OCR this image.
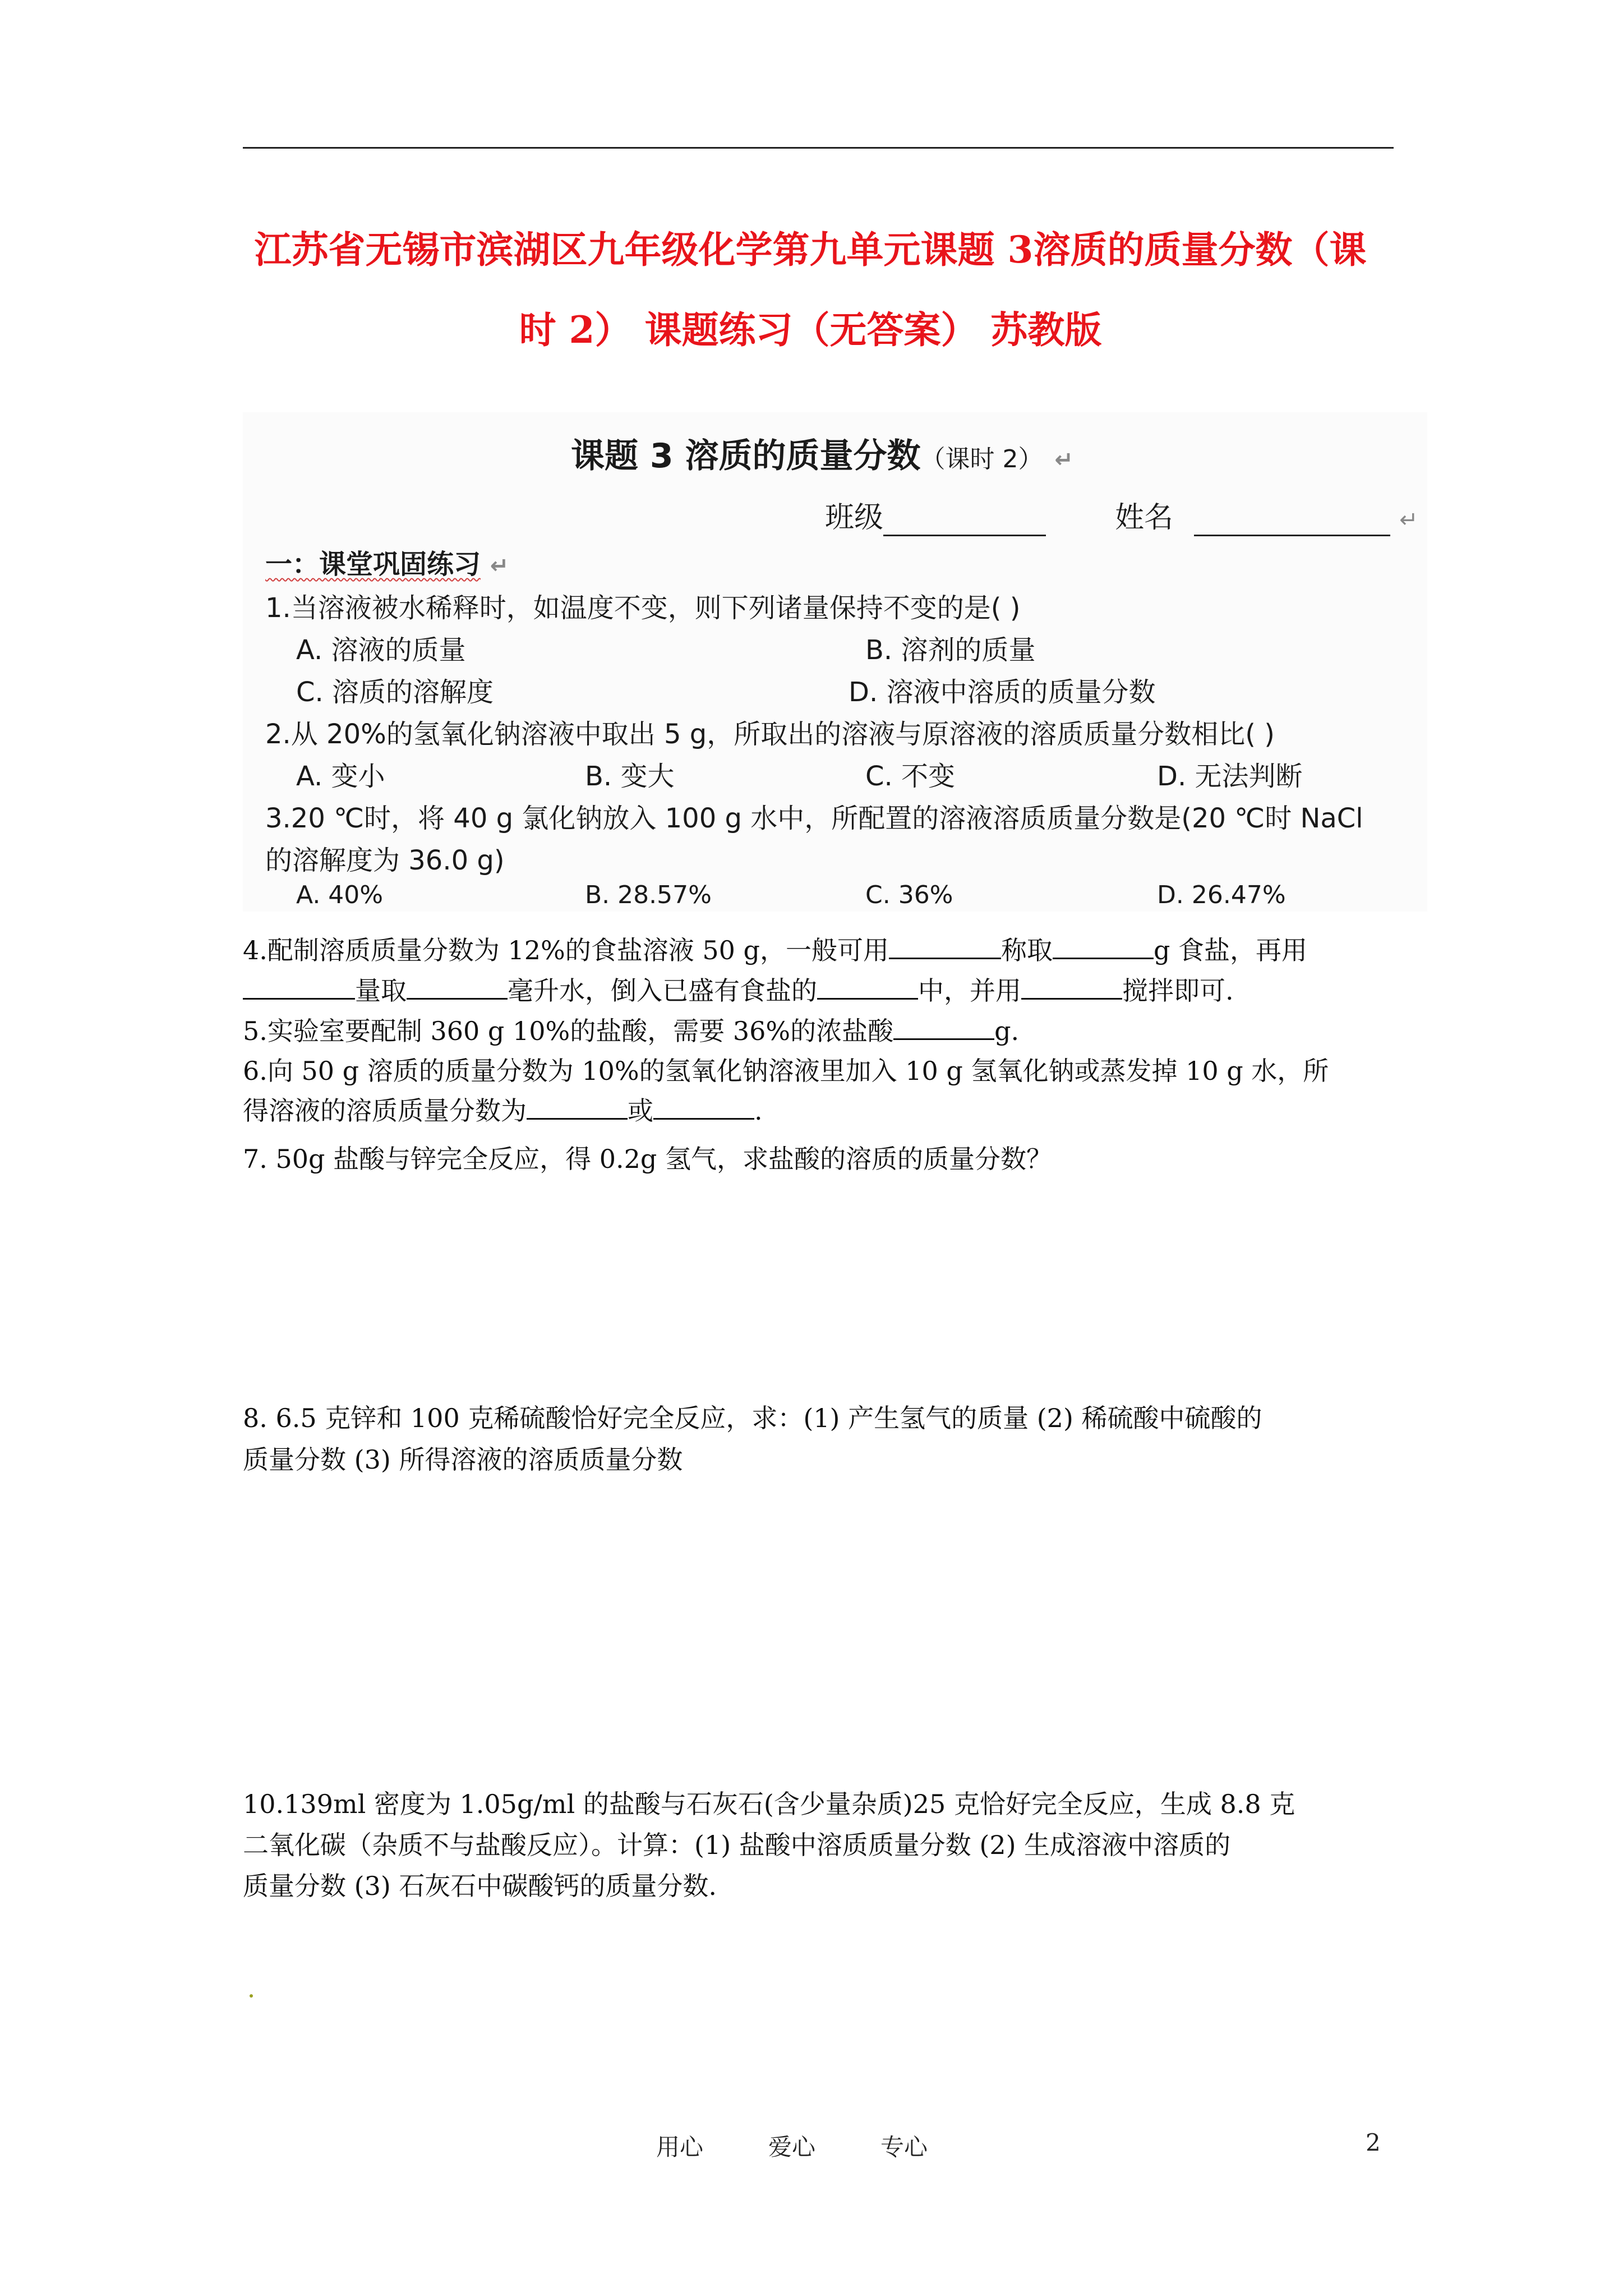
江苏省无锡市滨湖区九年级化学第九单元课题 3溶质的质量分数（课
时 2） 课题练习（无答案） 苏教版
课题 3 溶质的质量分数（课时 2） ↵
班级	姓名	↵
一：课堂巩固练习 ↵
1.当溶液被水稀释时，如温度不变，则下列诸量保持不变的是( )
A. 溶液的质量	B. 溶剂的质量
C. 溶质的溶解度	D. 溶液中溶质的质量分数
2.从 20%的氢氧化钠溶液中取出 5 g，所取出的溶液与原溶液的溶质质量分数相比( )
A. 变小	B. 变大	C. 不变	D. 无法判断
3.20 ℃时，将 40 g 氯化钠放入 100 g 水中，所配置的溶液溶质质量分数是(20 ℃时 NaCl
的溶解度为 36.0 g)
A. 40%	B. 28.57%	C. 36%	D. 26.47%
4.配制溶质质量分数为 12%的食盐溶液 50 g，一般可用	称取	g 食盐，再用
量取	毫升水，倒入已盛有食盐的	中，并用	搅拌即可.
5.实验室要配制 360 g 10%的盐酸，需要 36%的浓盐酸	g.
6.向 50 g 溶质的质量分数为 10%的氢氧化钠溶液里加入 10 g 氢氧化钠或蒸发掉 10 g 水，所
得溶液的溶质质量分数为	或	.
7. 50g 盐酸与锌完全反应，得 0.2g 氢气，求盐酸的溶质的质量分数？
8. 6.5 克锌和 100 克稀硫酸恰好完全反应，求：(1) 产生氢气的质量 (2) 稀硫酸中硫酸的
质量分数 (3) 所得溶液的溶质质量分数
10.139ml 密度为 1.05g/ml 的盐酸与石灰石(含少量杂质)25 克恰好完全反应，生成 8.8 克
二氧化碳（杂质不与盐酸反应）。计算：(1) 盐酸中溶质质量分数 (2) 生成溶液中溶质的
质量分数 (3) 石灰石中碳酸钙的质量分数.
用心	爱心	专心	2
